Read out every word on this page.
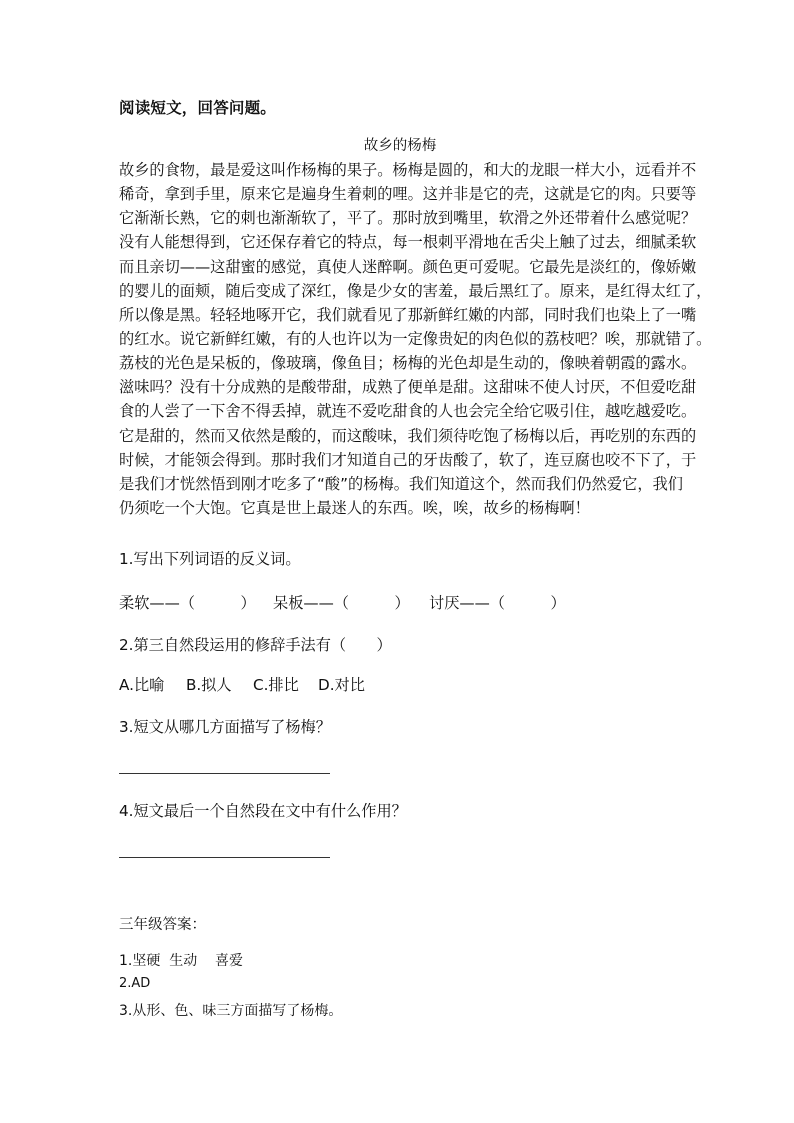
阅读短文，回答问题。
故乡的杨梅
故乡的食物，最是爱这叫作杨梅的果子。杨梅是圆的，和大的龙眼一样大小，远看并不
稀奇，拿到手里，原来它是遍身生着刺的哩。这并非是它的壳，这就是它的肉。只要等
它渐渐长熟，它的刺也渐渐软了，平了。那时放到嘴里，软滑之外还带着什么感觉呢？
没有人能想得到，它还保存着它的特点，每一根刺平滑地在舌尖上触了过去，细腻柔软
而且亲切——这甜蜜的感觉，真使人迷醉啊。颜色更可爱呢。它最先是淡红的，像娇嫩
的婴儿的面颊，随后变成了深红，像是少女的害羞，最后黑红了。原来，是红得太红了，
所以像是黑。轻轻地啄开它，我们就看见了那新鲜红嫩的内部，同时我们也染上了一嘴
的红水。说它新鲜红嫩，有的人也许以为一定像贵妃的肉色似的荔枝吧？唉，那就错了。
荔枝的光色是呆板的，像玻璃，像鱼目；杨梅的光色却是生动的，像映着朝霞的露水。
滋味吗？没有十分成熟的是酸带甜，成熟了便单是甜。这甜味不使人讨厌，不但爱吃甜
食的人尝了一下舍不得丢掉，就连不爱吃甜食的人也会完全给它吸引住，越吃越爱吃。
它是甜的，然而又依然是酸的，而这酸味，我们须待吃饱了杨梅以后，再吃别的东西的
时候，才能领会得到。那时我们才知道自己的牙齿酸了，软了，连豆腐也咬不下了，于
是我们才恍然悟到刚才吃多了“酸”的杨梅。我们知道这个，然而我们仍然爱它，我们
仍须吃一个大饱。它真是世上最迷人的东西。唉，唉，故乡的杨梅啊！
1.写出下列词语的反义词。
柔软——（　　　） 呆板——（　　　） 讨厌——（　　　）
2.第三自然段运用的修辞手法有（　　）
A.比喻 B.拟人 C.排比 D.对比
3.短文从哪几方面描写了杨梅？
4.短文最后一个自然段在文中有什么作用？
三年级答案：
1.坚硬  生动    喜爱
2.AD
3.从形、色、味三方面描写了杨梅。
